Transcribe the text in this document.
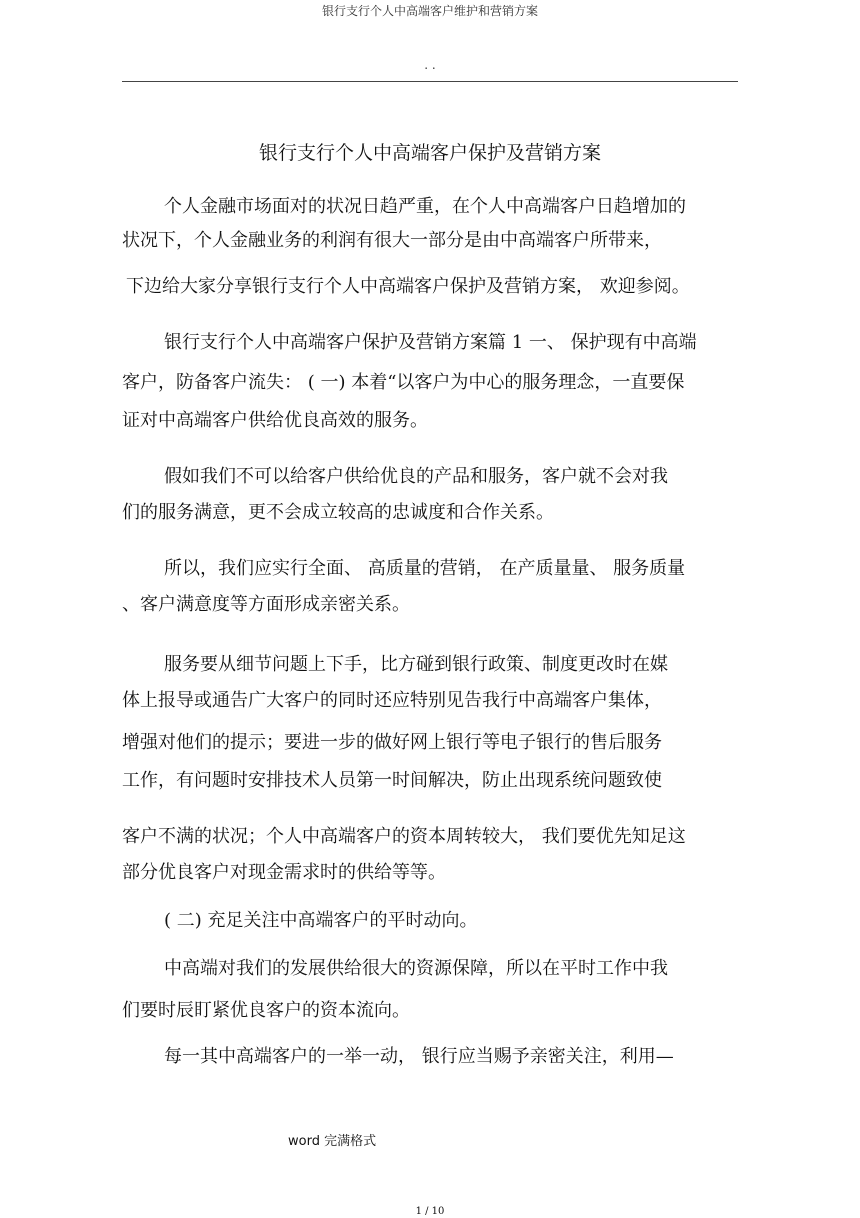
银行支行个人中高端客户维护和营销方案
. .
银行支行个人中高端客户保护及营销方案
个人金融市场面对的状况日趋严重，在个人中高端客户日趋增加的
状况下，个人金融业务的利润有很大一部分是由中高端客户所带来，
下边给大家分享银行支行个人中高端客户保护及营销方案， 欢迎参阅。
银行支行个人中高端客户保护及营销方案篇 1 一、 保护现有中高端
客户，防备客户流失： ( 一) 本着“以客户为中心的服务理念，一直要保
证对中高端客户供给优良高效的服务。
假如我们不可以给客户供给优良的产品和服务，客户就不会对我
们的服务满意，更不会成立较高的忠诚度和合作关系。
所以，我们应实行全面、 高质量的营销， 在产质量量、 服务质量
、客户满意度等方面形成亲密关系。
服务要从细节问题上下手，比方碰到银行政策、制度更改时在媒
体上报导或通告广大客户的同时还应特别见告我行中高端客户集体，
增强对他们的提示；要进一步的做好网上银行等电子银行的售后服务
工作，有问题时安排技术人员第一时间解决，防止出现系统问题致使
客户不满的状况；个人中高端客户的资本周转较大， 我们要优先知足这
部分优良客户对现金需求时的供给等等。
( 二) 充足关注中高端客户的平时动向。
中高端对我们的发展供给很大的资源保障，所以在平时工作中我
们要时辰盯紧优良客户的资本流向。
每一其中高端客户的一举一动， 银行应当赐予亲密关注，利用—
word 完满格式
1 / 10
